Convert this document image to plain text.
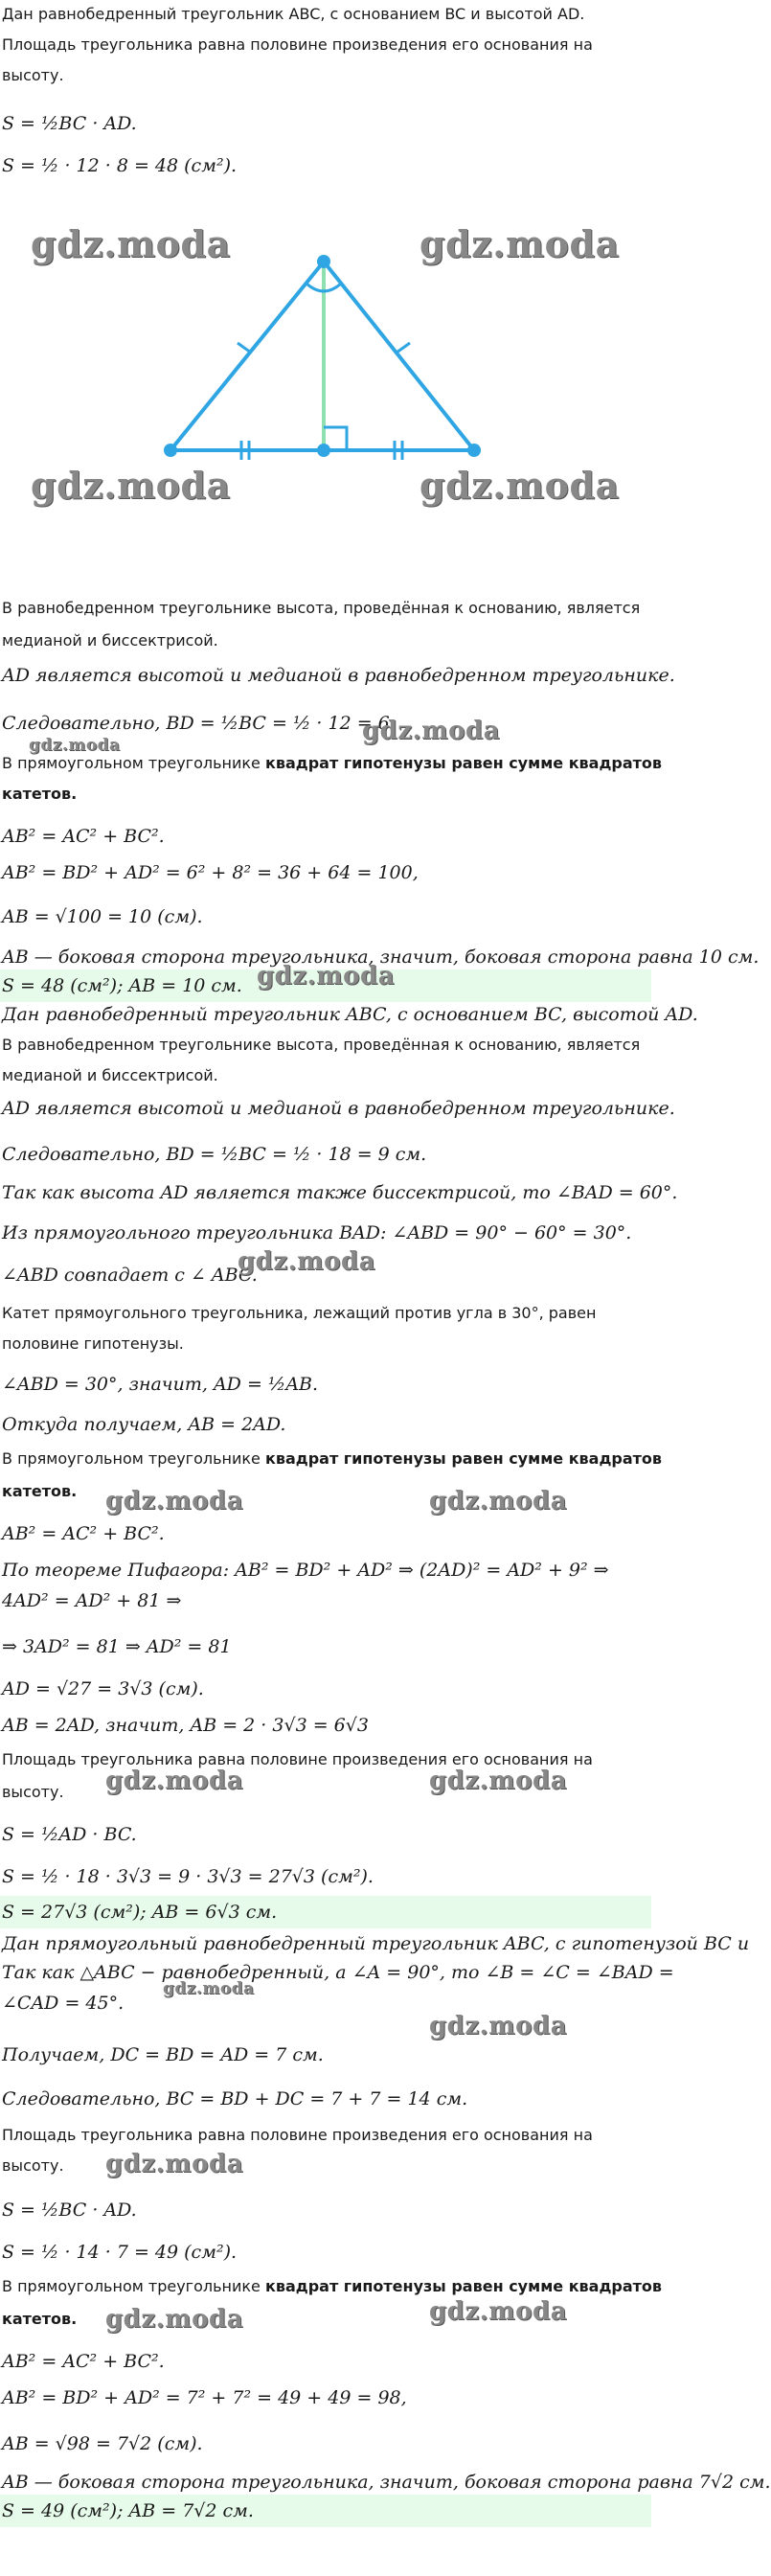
Дан равнобедренный треугольник ABC, с основанием BC и высотой AD.
Площадь треугольника равна половине произведения его основания на
высоту.
S = ½BC · AD.
S = ½ · 12 · 8 = 48 (см²).
В равнобедренном треугольнике высота, проведённая к основанию, является
медианой и биссектрисой.
AD является высотой и медианой в равнобедренном треугольнике.
Следовательно, BD = ½BC = ½ · 12 = 6.
В прямоугольном треугольнике квадрат гипотенузы равен сумме квадратов
катетов.
AB² = AC² + BC².
AB² = BD² + AD² = 6² + 8² = 36 + 64 = 100,
AB = √100 = 10 (см).
AB — боковая сторона треугольника, значит, боковая сторона равна 10 см.
S = 48 (см²); AB = 10 см.
Дан равнобедренный треугольник ABC, с основанием BC, высотой AD.
В равнобедренном треугольнике высота, проведённая к основанию, является
медианой и биссектрисой.
AD является высотой и медианой в равнобедренном треугольнике.
Следовательно, BD = ½BC = ½ · 18 = 9 см.
Так как высота AD является также биссектрисой, то ∠BAD = 60°.
Из прямоугольного треугольника BAD: ∠ABD = 90° − 60° = 30°.
∠ABD совпадает с ∠ ABC.
Катет прямоугольного треугольника, лежащий против угла в 30°, равен
половине гипотенузы.
∠ABD = 30°, значит, AD = ½AB.
Откуда получаем, AB = 2AD.
В прямоугольном треугольнике квадрат гипотенузы равен сумме квадратов
катетов.
AB² = AC² + BC².
По теореме Пифагора: AB² = BD² + AD² ⇒ (2AD)² = AD² + 9² ⇒
4AD² = AD² + 81 ⇒
⇒ 3AD² = 81 ⇒ AD² = 81
AD = √27 = 3√3 (см).
AB = 2AD, значит, AB = 2 · 3√3 = 6√3
Площадь треугольника равна половине произведения его основания на
высоту.
S = ½AD · BC.
S = ½ · 18 · 3√3 = 9 · 3√3 = 27√3 (см²).
S = 27√3 (см²); AB = 6√3 см.
Дан прямоугольный равнобедренный треугольник ABC, с гипотенузой BC и
Так как △ABC − равнобедренный, а ∠A = 90°, то ∠B = ∠C = ∠BAD =
∠CAD = 45°.
Получаем, DC = BD = AD = 7 см.
Следовательно, BC = BD + DC = 7 + 7 = 14 см.
Площадь треугольника равна половине произведения его основания на
высоту.
S = ½BC · AD.
S = ½ · 14 · 7 = 49 (см²).
В прямоугольном треугольнике квадрат гипотенузы равен сумме квадратов
катетов.
AB² = AC² + BC².
AB² = BD² + AD² = 7² + 7² = 49 + 49 = 98,
AB = √98 = 7√2 (см).
AB — боковая сторона треугольника, значит, боковая сторона равна 7√2 см.
S = 49 (см²); AB = 7√2 см.
gdz.moda	gdz.moda
gdz.moda	gdz.moda
gdz.moda
gdz.moda
gdz.moda
gdz.moda
gdz.moda	gdz.moda
gdz.moda	gdz.moda
gdz.moda
gdz.moda
gdz.moda
gdz.moda	gdz.moda
